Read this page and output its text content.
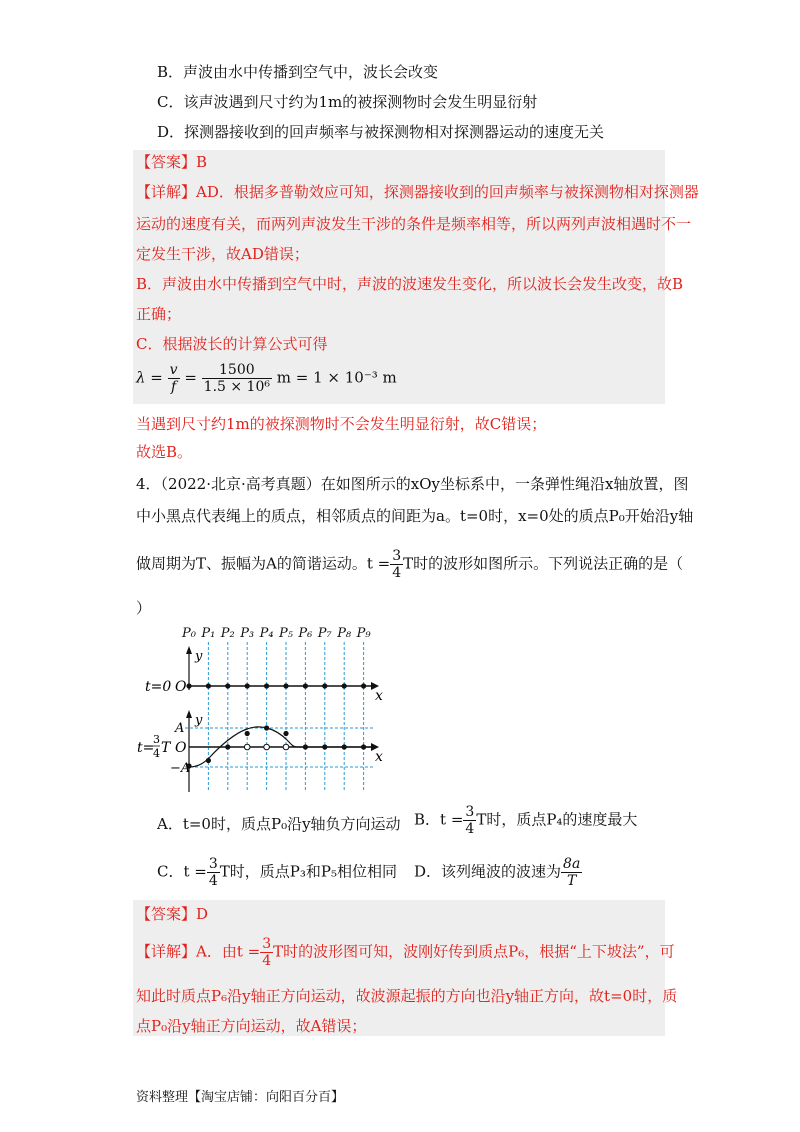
B．声波由水中传播到空气中，波长会改变
C．该声波遇到尺寸约为1m的被探测物时会发生明显衍射
D．探测器接收到的回声频率与被探测物相对探测器运动的速度无关
【答案】B
【详解】AD．根据多普勒效应可知，探测器接收到的回声频率与被探测物相对探测器
运动的速度有关，而两列声波发生干涉的条件是频率相等，所以两列声波相遇时不一
定发生干涉，故AD错误；
B．声波由水中传播到空气中时，声波的波速发生变化，所以波长会发生改变，故B
正确；
C．根据波长的计算公式可得
$\lambda = \frac{v}{f} = \frac{1500}{\text{1.5 × 10⁶}}$ m = 1 × 10⁻³ m
当遇到尺寸约1m的被探测物时不会发生明显衍射，故C错误；
故选B。
4．（2022·北京·高考真题）在如图所示的xOy坐标系中，一条弹性绳沿x轴放置，图
中小黑点代表绳上的质点，相邻质点的间距为a。t=0时，x=0处的质点P₀开始沿y轴
做周期为T、振幅为A的简谐运动。$t = \frac{3}{4}$ T时的波形如图所示。下列说法正确的是（
）
P₀ P₁ P₂ P₃ P₄ P₅ P₆ P₇ P₈ P₉
t=0 O
x
y
A
y
O
−A
x
t=
3
4 T
A．t=0时，质点P₀沿y轴负方向运动 B．$t = \frac{3}{4}$ T时，质点P₄的速度最大
C．$t = \frac{3}{4}$ T时，质点P₃和P₅相位相同 D．该列绳波的波速为 $\frac{8a}{T}$
【答案】D
【详解】A．由$t = \frac{3}{4}$ T时的波形图可知，波刚好传到质点P₆，根据“上下坡法”，可
知此时质点P₆沿y轴正方向运动，故波源起振的方向也沿y轴正方向，故t=0时，质
点P₀沿y轴正方向运动，故A错误；
资料整理【淘宝店铺：向阳百分百】
